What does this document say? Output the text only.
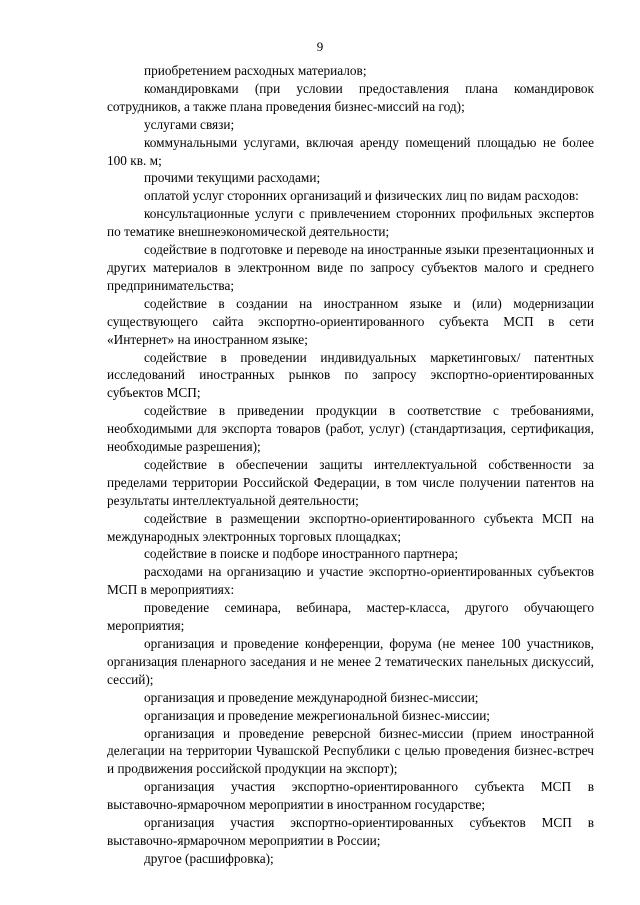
9

приобретением расходных материалов;

командировками (при условии предоставления плана командировок сотрудников, а также плана проведения бизнес-миссий на год);

услугами связи;

коммунальными услугами, включая аренду помещений площадью не более 100 кв. м;

прочими текущими расходами;

оплатой услуг сторонних организаций и физических лиц по видам расходов:

консультационные услуги с привлечением сторонних профильных экспертов по тематике внешнеэкономической деятельности;

содействие в подготовке и переводе на иностранные языки презентационных и других материалов в электронном виде по запросу субъектов малого и среднего предпринимательства;

содействие в создании на иностранном языке и (или) модернизации существующего сайта экспортно-ориентированного субъекта МСП в сети «Интернет» на иностранном языке;

содействие в проведении индивидуальных маркетинговых/ патентных исследований иностранных рынков по запросу экспортно-ориентированных субъектов МСП;

содействие в приведении продукции в соответствие с требованиями, необходимыми для экспорта товаров (работ, услуг) (стандартизация, сертификация, необходимые разрешения);

содействие в обеспечении защиты интеллектуальной собственности за пределами территории Российской Федерации, в том числе получении патентов на результаты интеллектуальной деятельности;

содействие в размещении экспортно-ориентированного субъекта МСП на международных электронных торговых площадках;

содействие в поиске и подборе иностранного партнера;

расходами на организацию и участие экспортно-ориентированных субъектов МСП в мероприятиях:

проведение семинара, вебинара, мастер-класса, другого обучающего мероприятия;

организация и проведение конференции, форума (не менее 100 участников, организация пленарного заседания и не менее 2 тематических панельных дискуссий, сессий);

организация и проведение международной бизнес-миссии;

организация и проведение межрегиональной бизнес-миссии;

организация и проведение реверсной бизнес-миссии (прием иностранной делегации на территории Чувашской Республики с целью проведения бизнес-встреч и продвижения российской продукции на экспорт);

организация участия экспортно-ориентированного субъекта МСП в выставочно-ярмарочном мероприятии в иностранном государстве;

организация участия экспортно-ориентированных субъектов МСП в выставочно-ярмарочном мероприятии в России;

другое (расшифровка);
